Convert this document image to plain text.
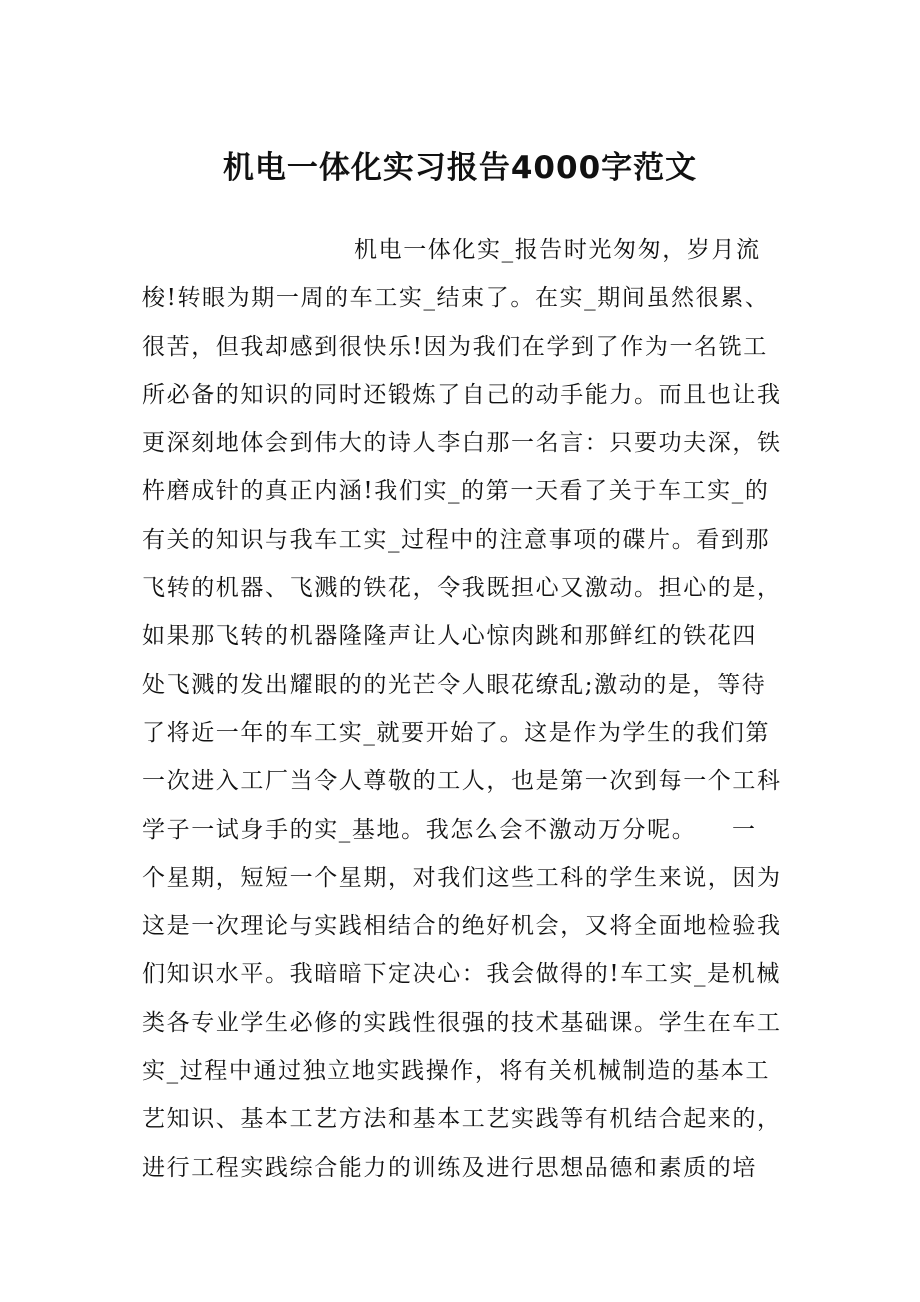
机电一体化实习报告4000字范文
机电一体化实_报告时光匆匆，岁月流
梭!转眼为期一周的车工实_结束了。在实_期间虽然很累、
很苦，但我却感到很快乐!因为我们在学到了作为一名铣工
所必备的知识的同时还锻炼了自己的动手能力。而且也让我
更深刻地体会到伟大的诗人李白那一名言：只要功夫深，铁
杵磨成针的真正内涵!我们实_的第一天看了关于车工实_的
有关的知识与我车工实_过程中的注意事项的碟片。看到那
飞转的机器、飞溅的铁花，令我既担心又激动。担心的是，
如果那飞转的机器隆隆声让人心惊肉跳和那鲜红的铁花四
处飞溅的发出耀眼的的光芒令人眼花缭乱;激动的是，等待
了将近一年的车工实_就要开始了。这是作为学生的我们第
一次进入工厂当令人尊敬的工人，也是第一次到每一个工科
学子一试身手的实_基地。我怎么会不激动万分呢。    一
个星期，短短一个星期，对我们这些工科的学生来说，因为
这是一次理论与实践相结合的绝好机会，又将全面地检验我
们知识水平。我暗暗下定决心：我会做得的!车工实_是机械
类各专业学生必修的实践性很强的技术基础课。学生在车工
实_过程中通过独立地实践操作，将有关机械制造的基本工
艺知识、基本工艺方法和基本工艺实践等有机结合起来的，
进行工程实践综合能力的训练及进行思想品德和素质的培
